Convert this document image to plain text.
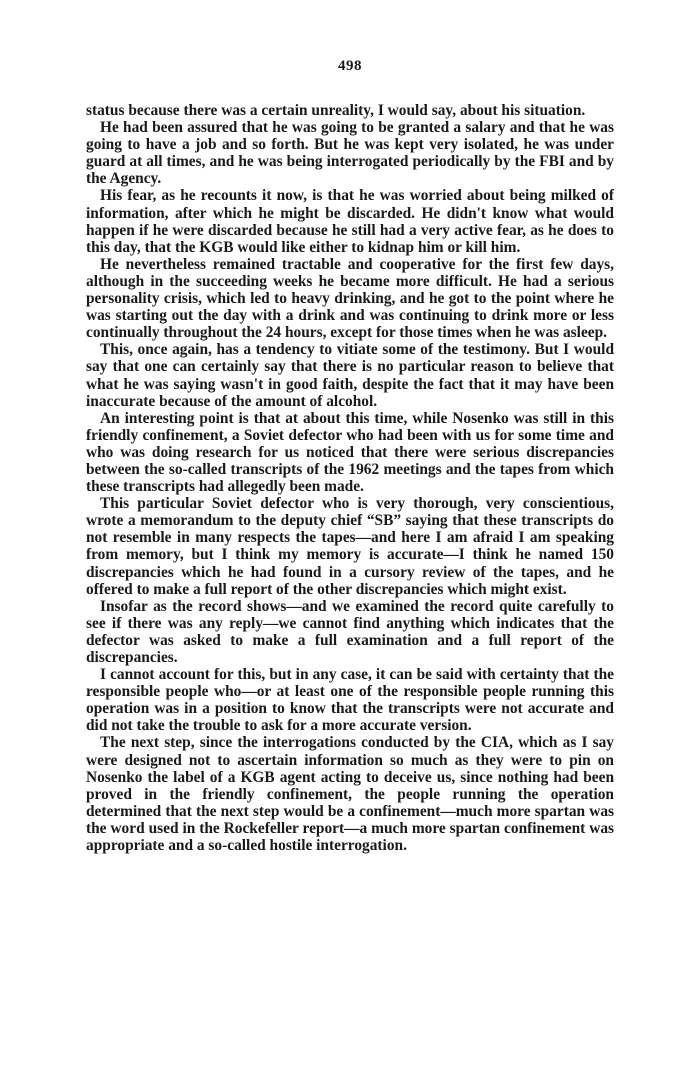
498

status because there was a certain unreality, I would say, about his situation.

He had been assured that he was going to be granted a salary and that he was going to have a job and so forth. But he was kept very isolated, he was under guard at all times, and he was being interrogated periodically by the FBI and by the Agency.

His fear, as he recounts it now, is that he was worried about being milked of information, after which he might be discarded. He didn't know what would happen if he were discarded because he still had a very active fear, as he does to this day, that the KGB would like either to kidnap him or kill him.

He nevertheless remained tractable and cooperative for the first few days, although in the succeeding weeks he became more difficult. He had a serious personality crisis, which led to heavy drinking, and he got to the point where he was starting out the day with a drink and was continuing to drink more or less continually throughout the 24 hours, except for those times when he was asleep.

This, once again, has a tendency to vitiate some of the testimony. But I would say that one can certainly say that there is no particular reason to believe that what he was saying wasn't in good faith, despite the fact that it may have been inaccurate because of the amount of alcohol.

An interesting point is that at about this time, while Nosenko was still in this friendly confinement, a Soviet defector who had been with us for some time and who was doing research for us noticed that there were serious discrepancies between the so-called transcripts of the 1962 meetings and the tapes from which these transcripts had allegedly been made.

This particular Soviet defector who is very thorough, very conscientious, wrote a memorandum to the deputy chief “SB” saying that these transcripts do not resemble in many respects the tapes—and here I am afraid I am speaking from memory, but I think my memory is accurate—I think he named 150 discrepancies which he had found in a cursory review of the tapes, and he offered to make a full report of the other discrepancies which might exist.

Insofar as the record shows—and we examined the record quite carefully to see if there was any reply—we cannot find anything which indicates that the defector was asked to make a full examination and a full report of the discrepancies.

I cannot account for this, but in any case, it can be said with certainty that the responsible people who—or at least one of the responsible people running this operation was in a position to know that the transcripts were not accurate and did not take the trouble to ask for a more accurate version.

The next step, since the interrogations conducted by the CIA, which as I say were designed not to ascertain information so much as they were to pin on Nosenko the label of a KGB agent acting to deceive us, since nothing had been proved in the friendly confinement, the people running the operation determined that the next step would be a confinement—much more spartan was the word used in the Rockefeller report—a much more spartan confinement was appropriate and a so-called hostile interrogation.
